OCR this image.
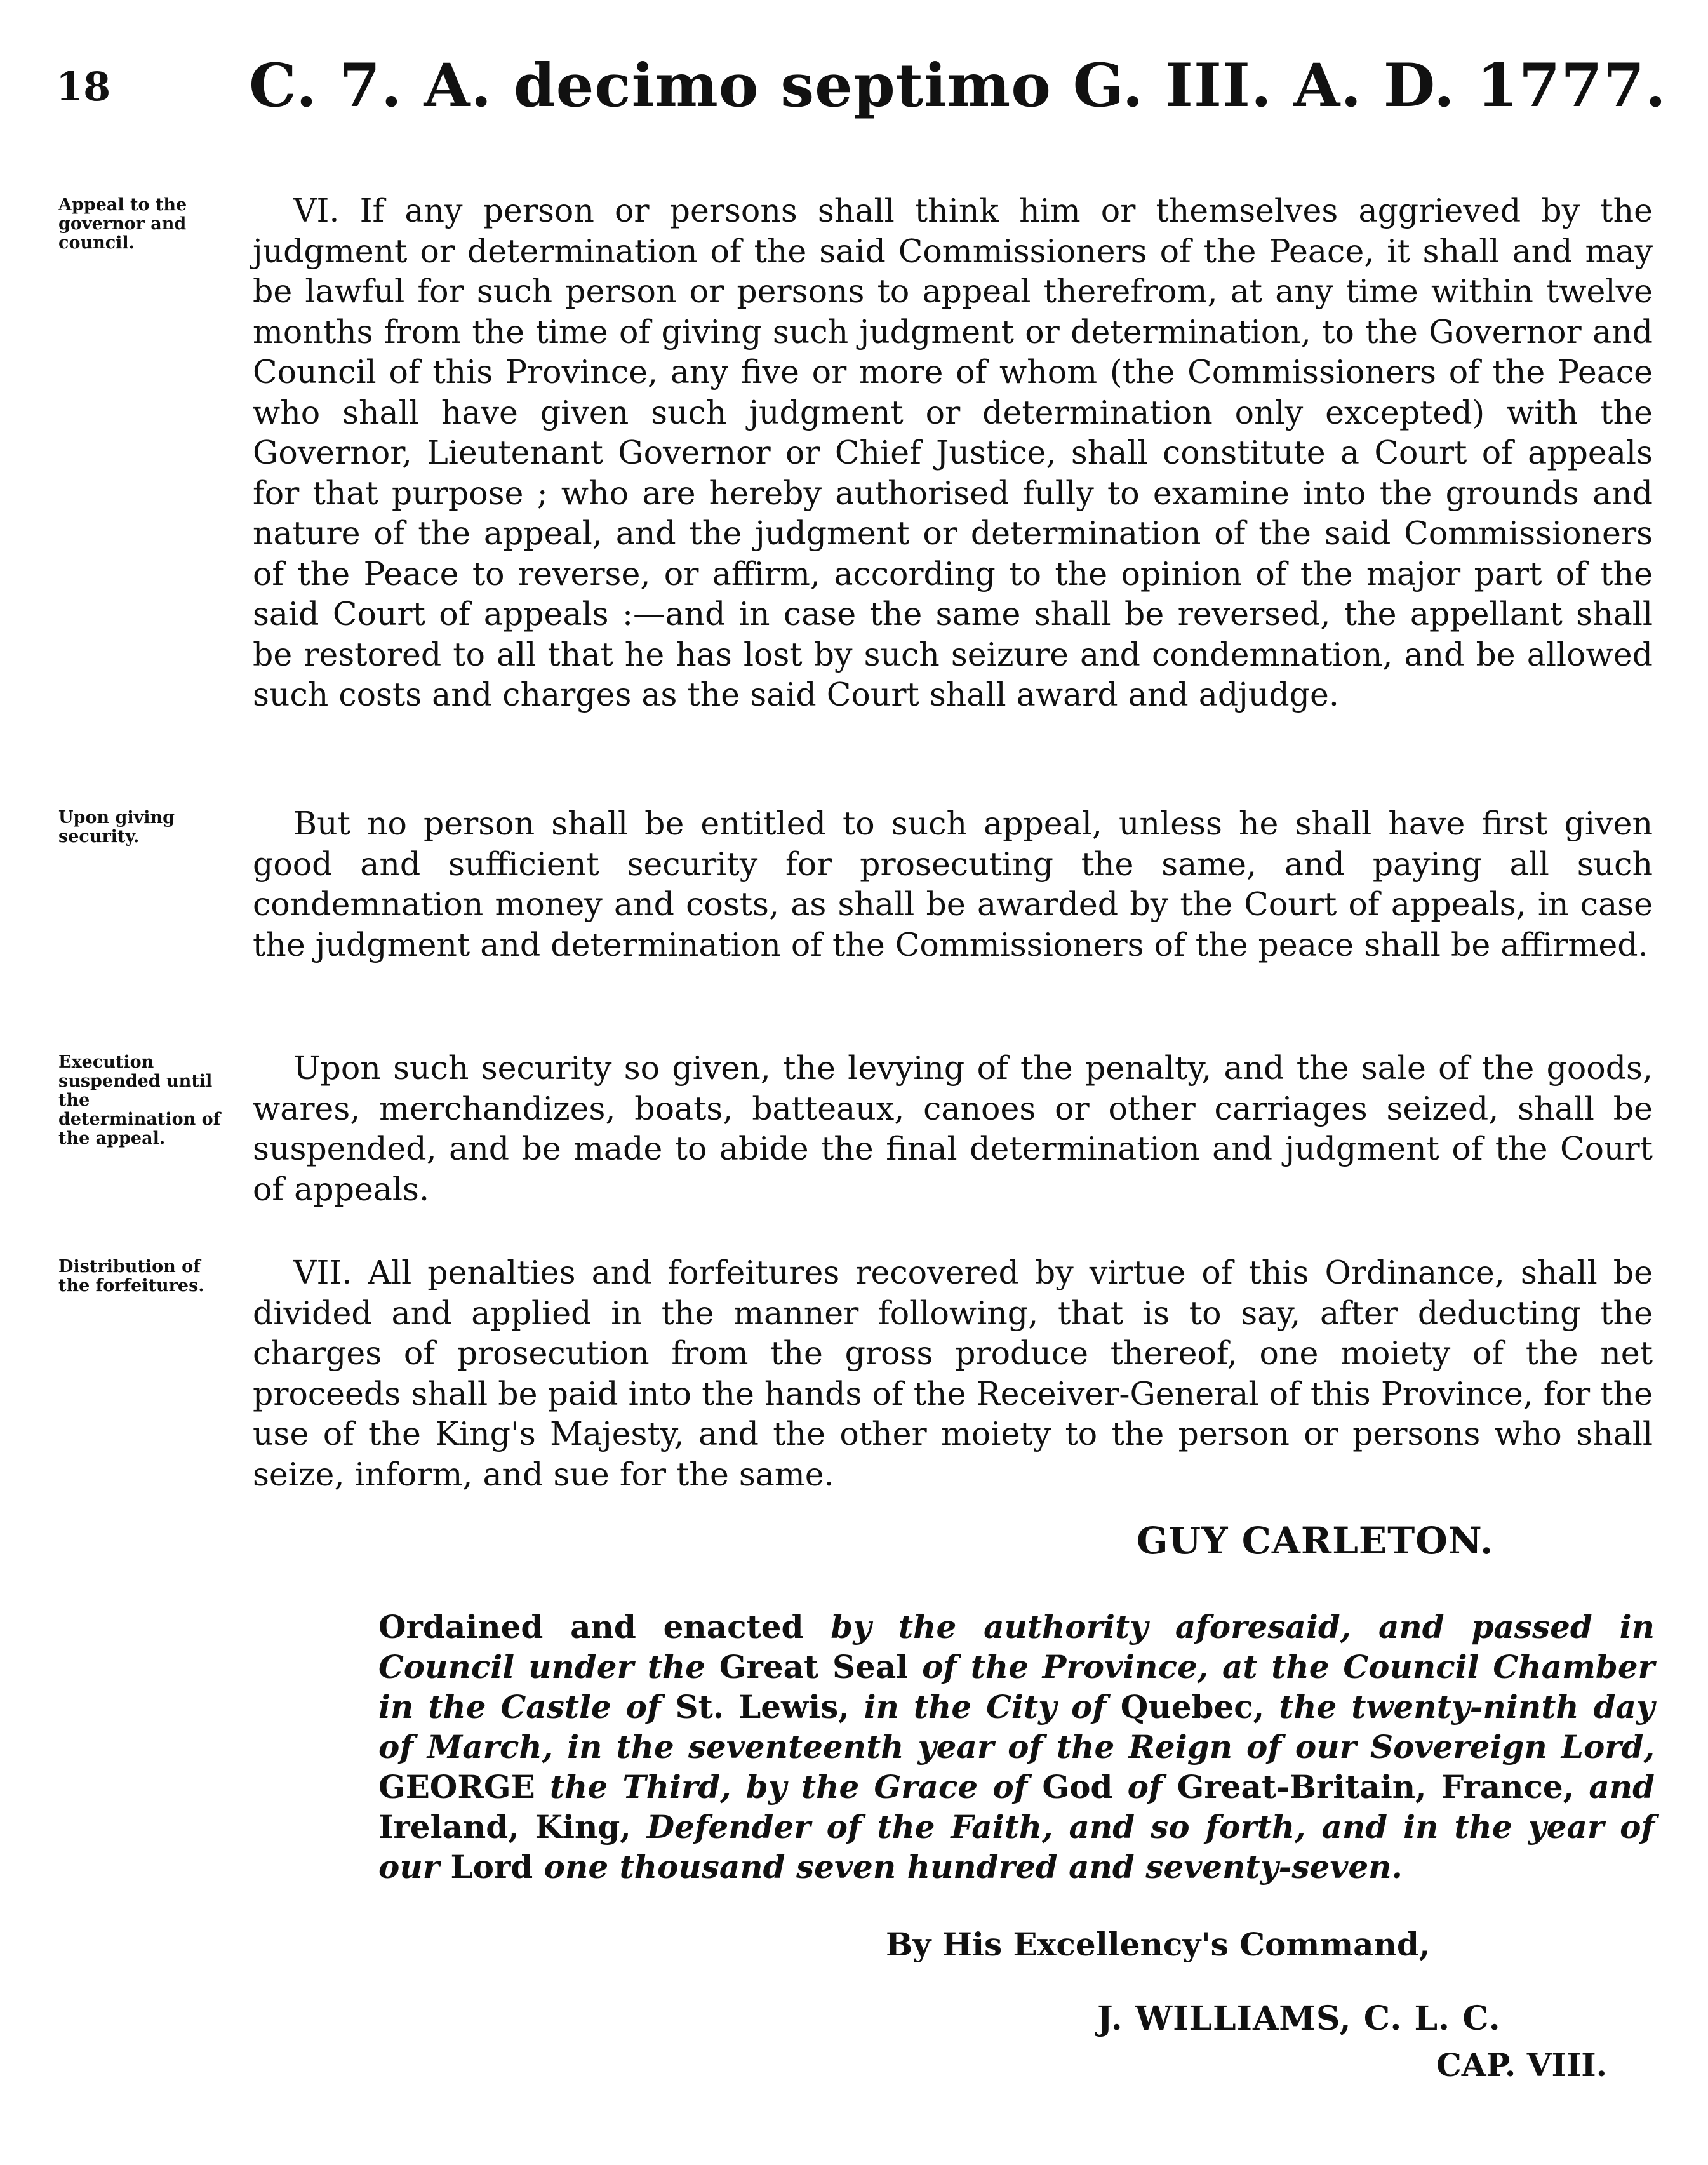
18 C. 7. A. decimo septimo G. III. A. D. 1777.
Appeal to the governor and council.
VI. If any person or persons shall think him or themselves aggrieved by the judgment or determination of the said Commissioners of the Peace, it shall and may be lawful for such person or persons to appeal therefrom, at any time within twelve months from the time of giving such judgment or determination, to the Governor and Council of this Province, any five or more of whom (the Commissioners of the Peace who shall have given such judgment or determination only excepted) with the Governor, Lieutenant Governor or Chief Justice, shall constitute a Court of appeals for that purpose ; who are hereby authorised fully to examine into the grounds and nature of the appeal, and the judgment or determination of the said Commissioners of the Peace to reverse, or affirm, according to the opinion of the major part of the said Court of appeals :—and in case the same shall be reversed, the appellant shall be restored to all that he has lost by such seizure and condemnation, and be allowed such costs and charges as the said Court shall award and adjudge.
Upon giving security.	But no person shall be entitled to such appeal, unless he shall have first given good and sufficient security for prosecuting the same, and paying all such condemnation money and costs, as shall be awarded by the Court of appeals, in case the judgment and determination of the Commissioners of the peace shall be affirmed.
Execution suspended until the determination of the appeal.
Upon such security so given, the levying of the penalty, and the sale of the goods, wares, merchandizes, boats, batteaux, canoes or other carriages seized, shall be suspended, and be made to abide the final determination and judgment of the Court of appeals.
Distribution of the forfeitures.	VII. All penalties and forfeitures recovered by virtue of this Ordinance, shall be divided and applied in the manner following, that is to say, after deducting the charges of prosecution from the gross produce thereof, one moiety of the net proceeds shall be paid into the hands of the Receiver-General of this Province, for the use of the King's Majesty, and the other moiety to the person or persons who shall seize, inform, and sue for the same.
GUY CARLETON.
Ordained and enacted by the authority aforesaid, and passed in Council under the Great Seal of the Province, at the Council Chamber in the Castle of St. Lewis, in the City of Quebec, the twenty-ninth day of March, in the seventeenth year of the Reign of our Sovereign Lord, GEORGE the Third, by the Grace of God of Great-Britain, France, and Ireland, King, Defender of the Faith, and so forth, and in the year of our Lord one thousand seven hundred and seventy-seven.
By His Excellency's Command,
J. WILLIAMS, C. L. C.
CAP. VIII.
